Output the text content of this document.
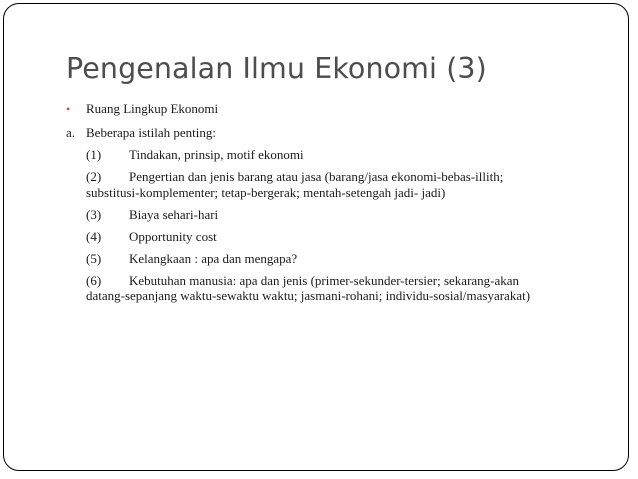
Pengenalan Ilmu Ekonomi (3)
• Ruang Lingkup Ekonomi
a. Beberapa istilah penting:
(1) Tindakan, prinsip, motif ekonomi
(2) Pengertian dan jenis barang atau jasa (barang/jasa ekonomi-bebas-illith;
substitusi-komplementer; tetap-bergerak; mentah-setengah jadi- jadi)
(3) Biaya sehari-hari
(4) Opportunity cost
(5) Kelangkaan : apa dan mengapa?
(6) Kebutuhan manusia: apa dan jenis (primer-sekunder-tersier; sekarang-akan
datang-sepanjang waktu-sewaktu waktu; jasmani-rohani; individu-sosial/masyarakat)
